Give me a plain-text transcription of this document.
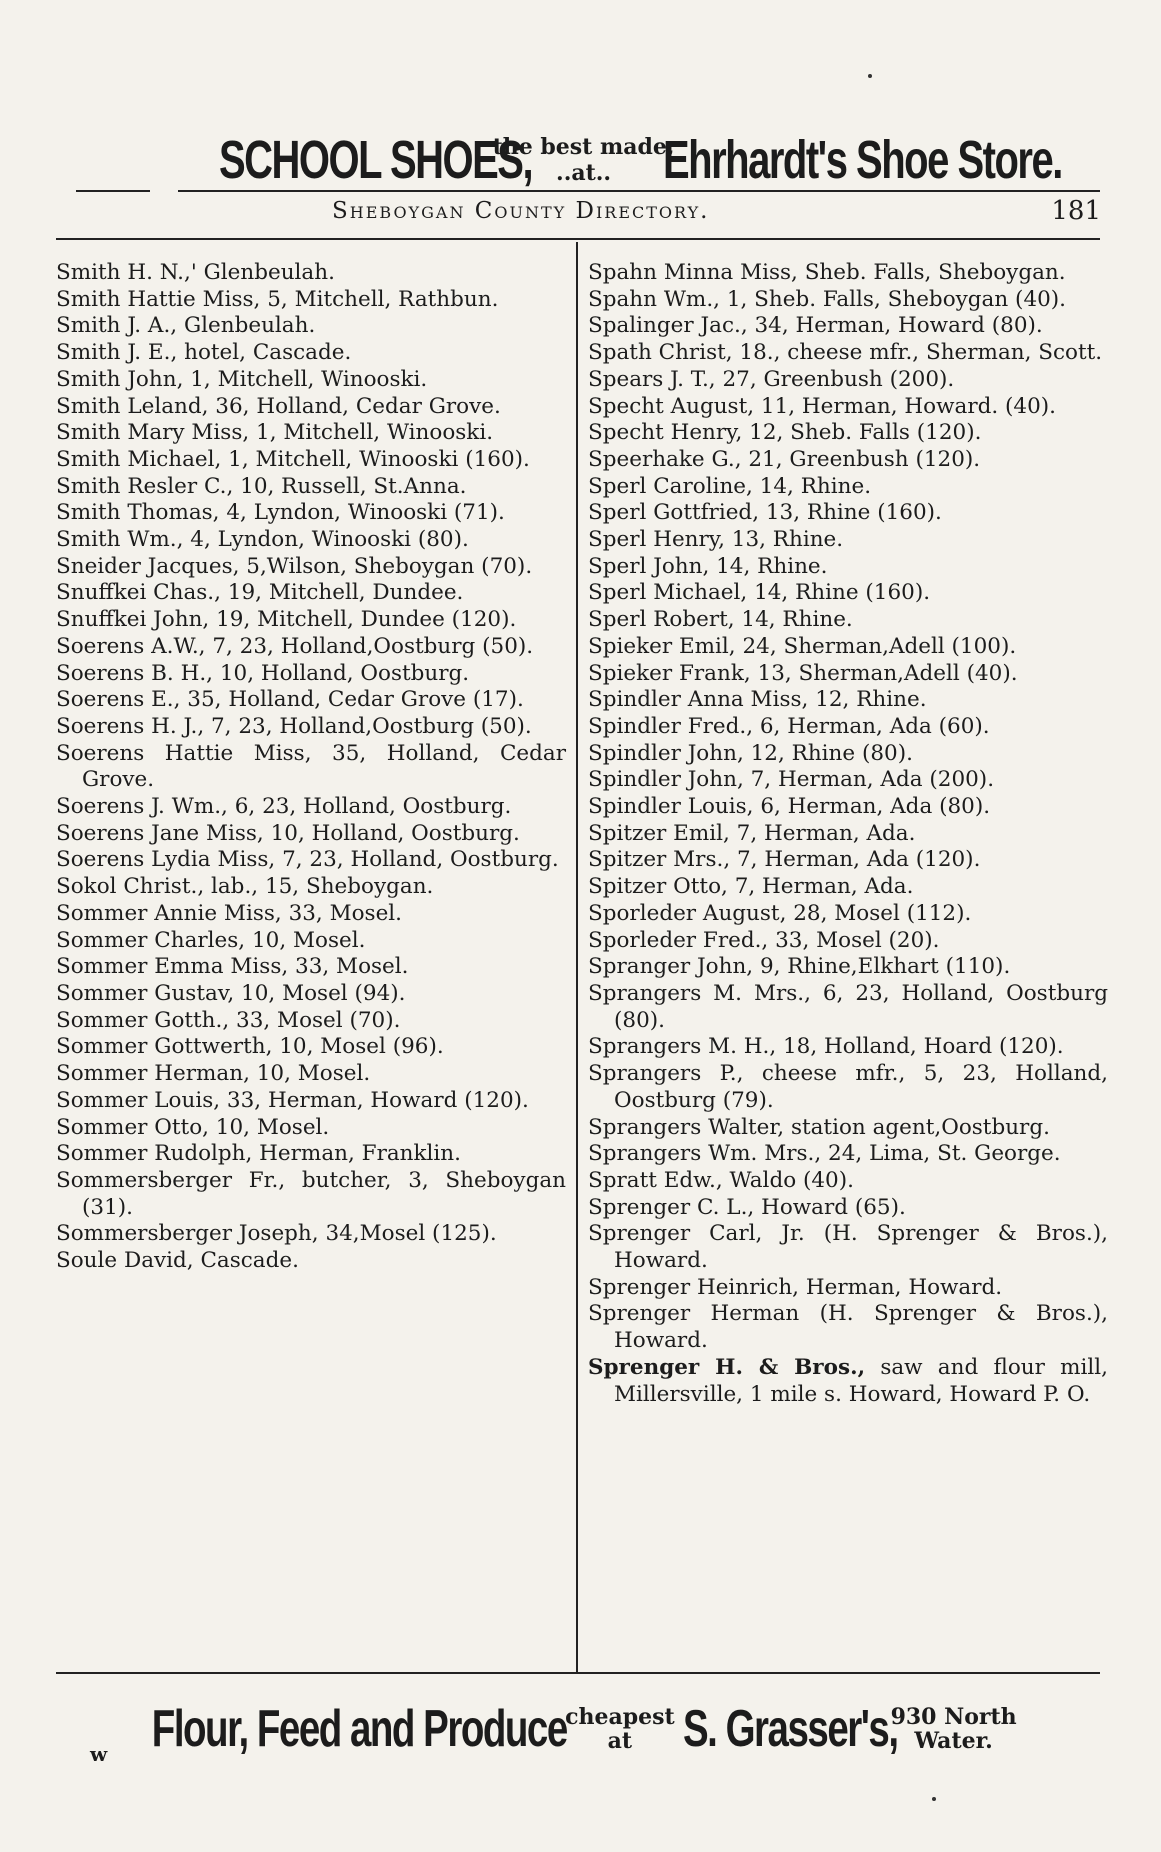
SCHOOL SHOES,
the best made,
..at.. Ehrhardt's Shoe Store.
Sheboygan County Directory.	181

Smith H. N.,' Glenbeulah.

Smith Hattie Miss, 5, Mitchell, Rathbun.

Smith J. A., Glenbeulah.

Smith J. E., hotel, Cascade.

Smith John, 1, Mitchell, Winooski.

Smith Leland, 36, Holland, Cedar Grove.

Smith Mary Miss, 1, Mitchell, Winooski.

Smith Michael, 1, Mitchell, Winooski (160).

Smith Resler C., 10, Russell, St.Anna.

Smith Thomas, 4, Lyndon, Winooski (71).

Smith Wm., 4, Lyndon, Winooski (80).

Sneider Jacques, 5,Wilson, Sheboygan (70).

Snuffkei Chas., 19, Mitchell, Dundee.

Snuffkei John, 19, Mitchell, Dundee (120).

Soerens A.W., 7, 23, Holland,Oostburg (50).

Soerens B. H., 10, Holland, Oostburg.

Soerens E., 35, Holland, Cedar Grove (17).

Soerens H. J., 7, 23, Holland,Oostburg (50).

Soerens Hattie Miss, 35, Holland, Cedar Grove.

Soerens J. Wm., 6, 23, Holland, Oostburg.

Soerens Jane Miss, 10, Holland, Oostburg.

Soerens Lydia Miss, 7, 23, Holland, Oostburg.

Sokol Christ., lab., 15, Sheboygan.

Sommer Annie Miss, 33, Mosel.

Sommer Charles, 10, Mosel.

Sommer Emma Miss, 33, Mosel.

Sommer Gustav, 10, Mosel (94).

Sommer Gotth., 33, Mosel (70).

Sommer Gottwerth, 10, Mosel (96).

Sommer Herman, 10, Mosel.

Sommer Louis, 33, Herman, Howard (120).

Sommer Otto, 10, Mosel.

Sommer Rudolph, Herman, Franklin.

Sommersberger Fr., butcher, 3, Sheboygan (31).

Sommersberger Joseph, 34,Mosel (125).

Soule David, Cascade.

Spahn Minna Miss, Sheb. Falls, Sheboygan.

Spahn Wm., 1, Sheb. Falls, Sheboygan (40).

Spalinger Jac., 34, Herman, Howard (80).

Spath Christ, 18., cheese mfr., Sherman, Scott.

Spears J. T., 27, Greenbush (200).

Specht August, 11, Herman, Howard. (40).

Specht Henry, 12, Sheb. Falls (120).

Speerhake G., 21, Greenbush (120).

Sperl Caroline, 14, Rhine.

Sperl Gottfried, 13, Rhine (160).

Sperl Henry, 13, Rhine.

Sperl John, 14, Rhine.

Sperl Michael, 14, Rhine (160).

Sperl Robert, 14, Rhine.

Spieker Emil, 24, Sherman,Adell (100).

Spieker Frank, 13, Sherman,Adell (40).

Spindler Anna Miss, 12, Rhine.

Spindler Fred., 6, Herman, Ada (60).

Spindler John, 12, Rhine (80).

Spindler John, 7, Herman, Ada (200).

Spindler Louis, 6, Herman, Ada (80).

Spitzer Emil, 7, Herman, Ada.

Spitzer Mrs., 7, Herman, Ada (120).

Spitzer Otto, 7, Herman, Ada.

Sporleder August, 28, Mosel (112).

Sporleder Fred., 33, Mosel (20).

Spranger John, 9, Rhine,Elkhart (110).

Sprangers M. Mrs., 6, 23, Holland, Oostburg (80).

Sprangers M. H., 18, Holland, Hoard (120).

Sprangers P., cheese mfr., 5, 23, Holland, Oostburg (79).

Sprangers Walter, station agent,Oostburg.

Sprangers Wm. Mrs., 24, Lima, St. George.

Spratt Edw., Waldo (40).

Sprenger C. L., Howard (65).

Sprenger Carl, Jr. (H. Sprenger & Bros.), Howard.

Sprenger Heinrich, Herman, Howard.

Sprenger Herman (H. Sprenger & Bros.), Howard.

Sprenger H. & Bros., saw and flour mill, Millersville, 1 mile s. Howard, Howard P. O.

Flour, Feed and Produce
cheapest
at S. Grasser's,
930 North
Water.
w
